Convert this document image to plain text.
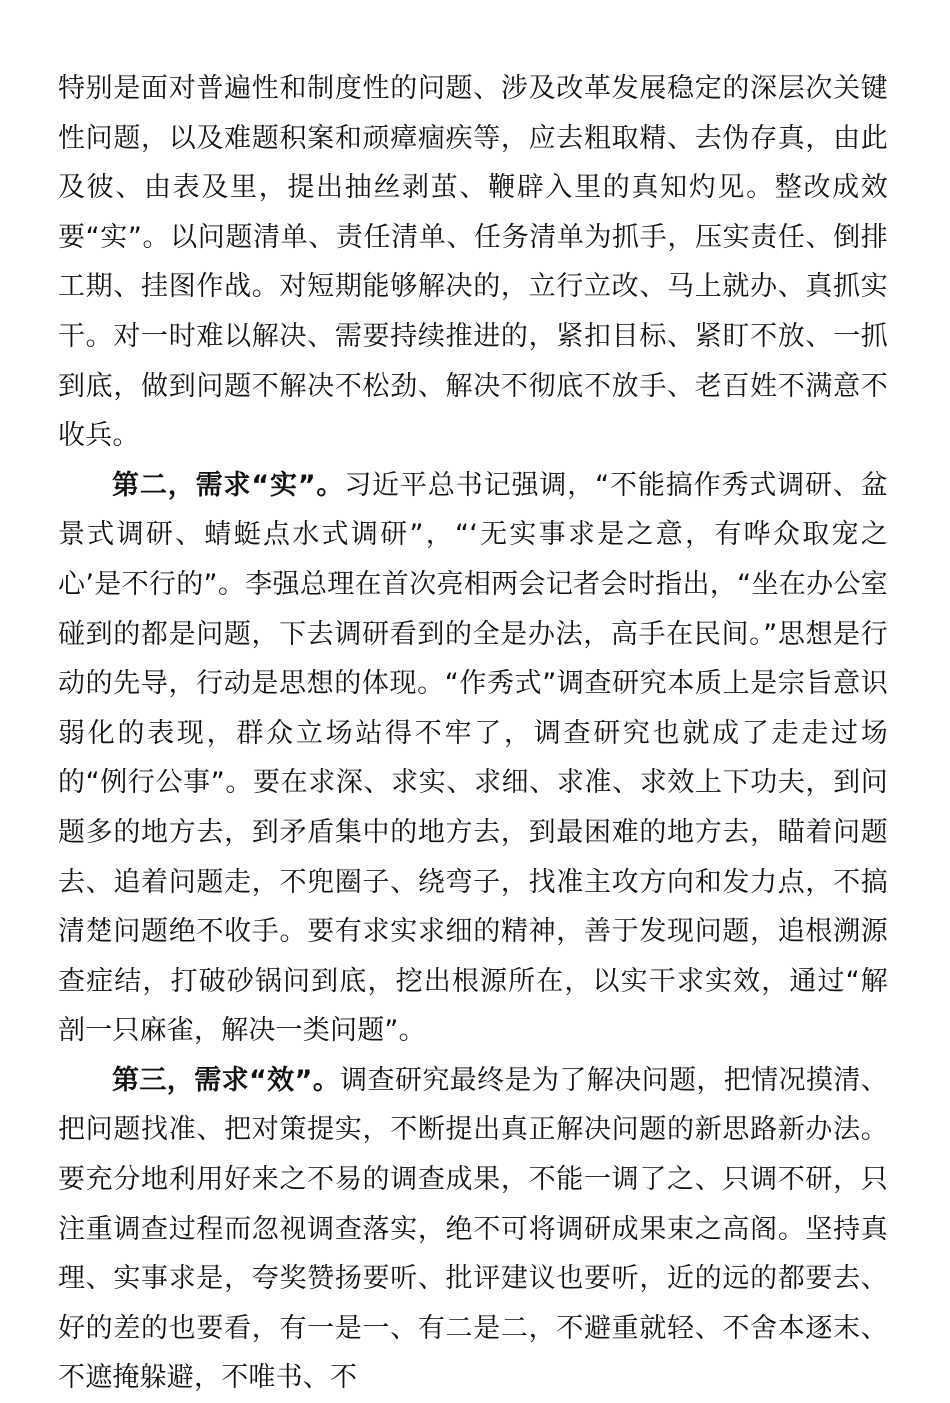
特别是面对普遍性和制度性的问题、涉及改革发展稳定的深层次关键性问题，以及难题积案和顽瘴痼疾等，应去粗取精、去伪存真，由此及彼、由表及里，提出抽丝剥茧、鞭辟入里的真知灼见。整改成效要“实”。以问题清单、责任清单、任务清单为抓手，压实责任、倒排工期、挂图作战。对短期能够解决的，立行立改、马上就办、真抓实干。对一时难以解决、需要持续推进的，紧扣目标、紧盯不放、一抓到底，做到问题不解决不松劲、解决不彻底不放手、老百姓不满意不收兵。

第二，需求“实”。习近平总书记强调，“不能搞作秀式调研、盆景式调研、蜻蜓点水式调研”，“‘无实事求是之意，有哗众取宠之心’是不行的”。李强总理在首次亮相两会记者会时指出，“坐在办公室碰到的都是问题，下去调研看到的全是办法，高手在民间。”思想是行动的先导，行动是思想的体现。“作秀式”调查研究本质上是宗旨意识弱化的表现，群众立场站得不牢了，调查研究也就成了走走过场的“例行公事”。要在求深、求实、求细、求准、求效上下功夫，到问题多的地方去，到矛盾集中的地方去，到最困难的地方去，瞄着问题去、追着问题走，不兜圈子、绕弯子，找准主攻方向和发力点，不搞清楚问题绝不收手。要有求实求细的精神，善于发现问题，追根溯源查症结，打破砂锅问到底，挖出根源所在，以实干求实效，通过“解剖一只麻雀，解决一类问题”。

第三，需求“效”。调查研究最终是为了解决问题，把情况摸清、把问题找准、把对策提实，不断提出真正解决问题的新思路新办法。要充分地利用好来之不易的调查成果，不能一调了之、只调不研，只注重调查过程而忽视调查落实，绝不可将调研成果束之高阁。坚持真理、实事求是，夸奖赞扬要听、批评建议也要听，近的远的都要去、好的差的也要看，有一是一、有二是二，不避重就轻、不舍本逐末、不遮掩躲避，不唯书、不
